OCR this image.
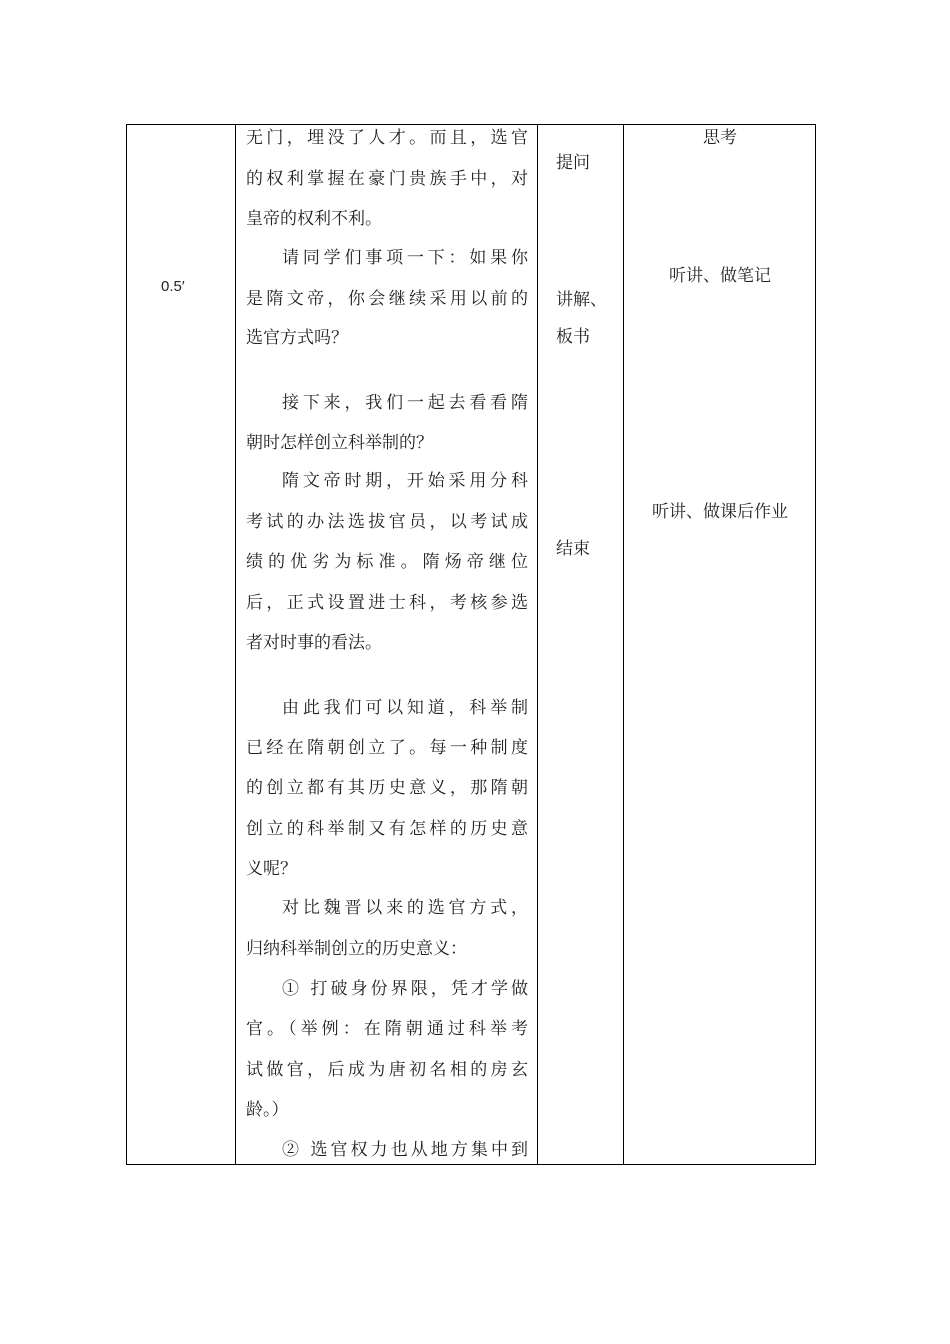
0.5′
无门，埋没了人才。而且，选官
的权利掌握在豪门贵族手中，对
皇帝的权利不利。
请同学们事项一下：如果你
是隋文帝，你会继续采用以前的
选官方式吗？
接下来，我们一起去看看隋
朝时怎样创立科举制的？
隋文帝时期，开始采用分科
考试的办法选拔官员，以考试成
绩的优劣为标准。隋炀帝继位
后，正式设置进士科，考核参选
者对时事的看法。
由此我们可以知道，科举制
已经在隋朝创立了。每一种制度
的创立都有其历史意义，那隋朝
创立的科举制又有怎样的历史意
义呢？
对比魏晋以来的选官方式，
归纳科举制创立的历史意义：
① 打破身份界限，凭才学做
官。（举例：在隋朝通过科举考
试做官，后成为唐初名相的房玄
龄。）
② 选官权力也从地方集中到
提问
讲解、
板书
结束
思考
听讲、做笔记
听讲、做课后作业
